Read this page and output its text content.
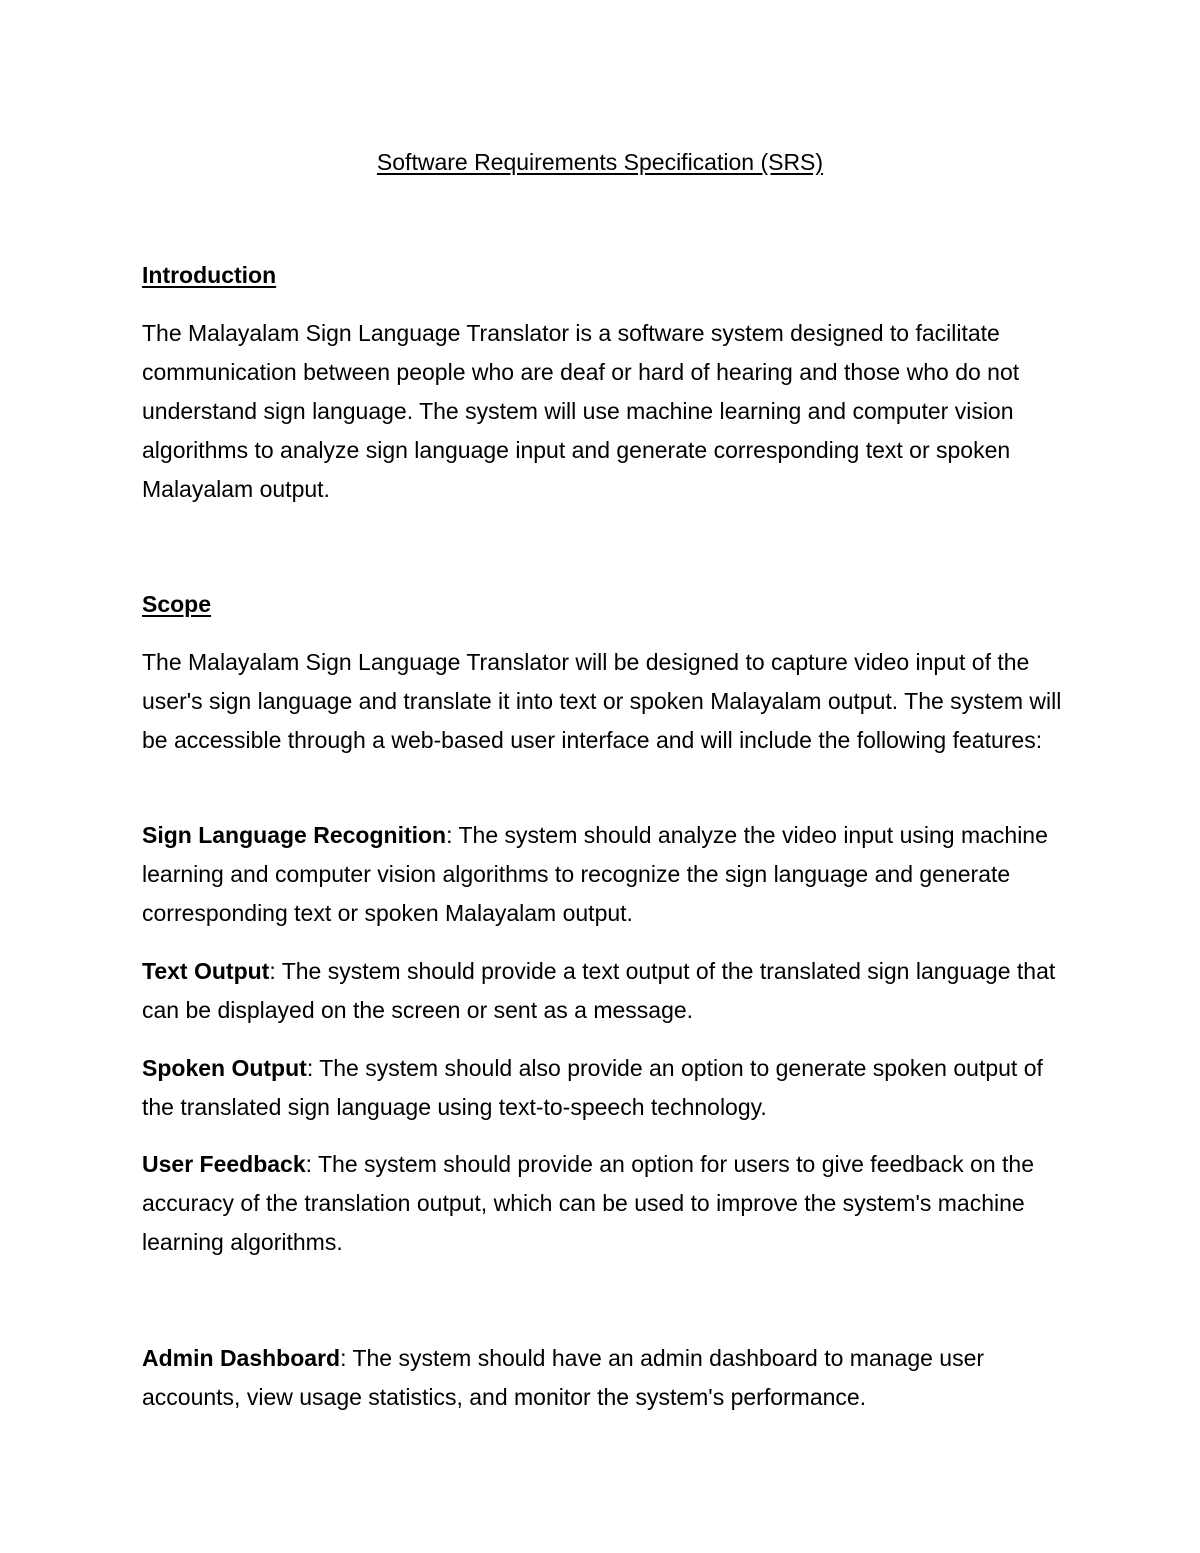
Software Requirements Specification (SRS)
Introduction

The Malayalam Sign Language Translator is a software system designed to facilitate communication between people who are deaf or hard of hearing and those who do not understand sign language. The system will use machine learning and computer vision algorithms to analyze sign language input and generate corresponding text or spoken Malayalam output.

Scope

The Malayalam Sign Language Translator will be designed to capture video input of the user's sign language and translate it into text or spoken Malayalam output. The system will be accessible through a web-based user interface and will include the following features:

Sign Language Recognition: The system should analyze the video input using machine learning and computer vision algorithms to recognize the sign language and generate corresponding text or spoken Malayalam output.

Text Output: The system should provide a text output of the translated sign language that can be displayed on the screen or sent as a message.

Spoken Output: The system should also provide an option to generate spoken output of the translated sign language using text-to-speech technology.

User Feedback: The system should provide an option for users to give feedback on the accuracy of the translation output, which can be used to improve the system's machine learning algorithms.

Admin Dashboard: The system should have an admin dashboard to manage user accounts, view usage statistics, and monitor the system's performance.
